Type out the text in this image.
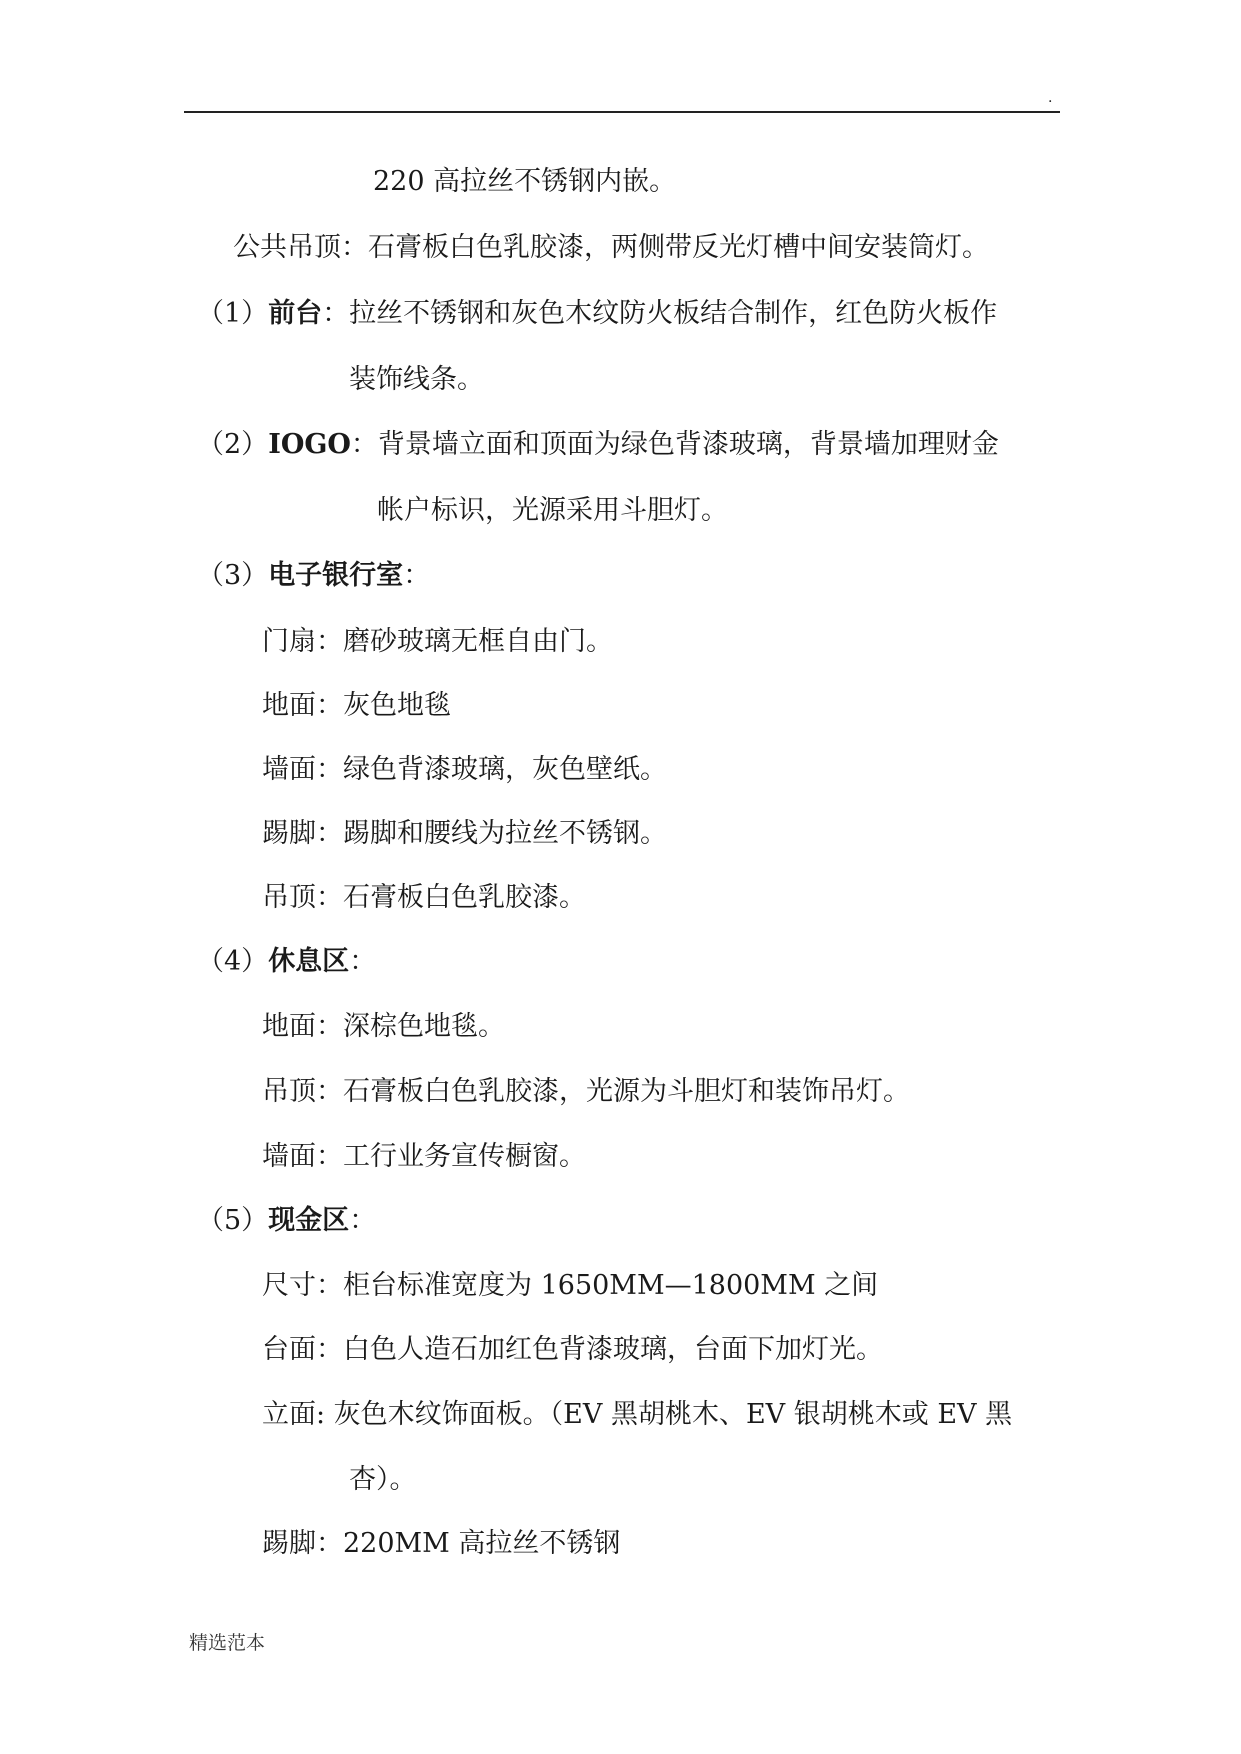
.
220 高拉丝不锈钢内嵌。
公共吊顶：石膏板白色乳胶漆，两侧带反光灯槽中间安装筒灯。
（1）前台：拉丝不锈钢和灰色木纹防火板结合制作，红色防火板作
装饰线条。
（2）IOGO：背景墙立面和顶面为绿色背漆玻璃，背景墙加理财金
帐户标识，光源采用斗胆灯。
（3）电子银行室：
门扇：磨砂玻璃无框自由门。
地面：灰色地毯
墙面：绿色背漆玻璃，灰色壁纸。
踢脚：踢脚和腰线为拉丝不锈钢。
吊顶：石膏板白色乳胶漆。
（4）休息区：
地面：深棕色地毯。
吊顶：石膏板白色乳胶漆，光源为斗胆灯和装饰吊灯。
墙面：工行业务宣传橱窗。
（5）现金区：
尺寸：柜台标准宽度为 1650MM—1800MM 之间
台面：白色人造石加红色背漆玻璃，台面下加灯光。
立面: 灰色木纹饰面板。（EV 黑胡桃木、EV 银胡桃木或 EV 黑
杏）。
踢脚：220MM 高拉丝不锈钢
精选范本
